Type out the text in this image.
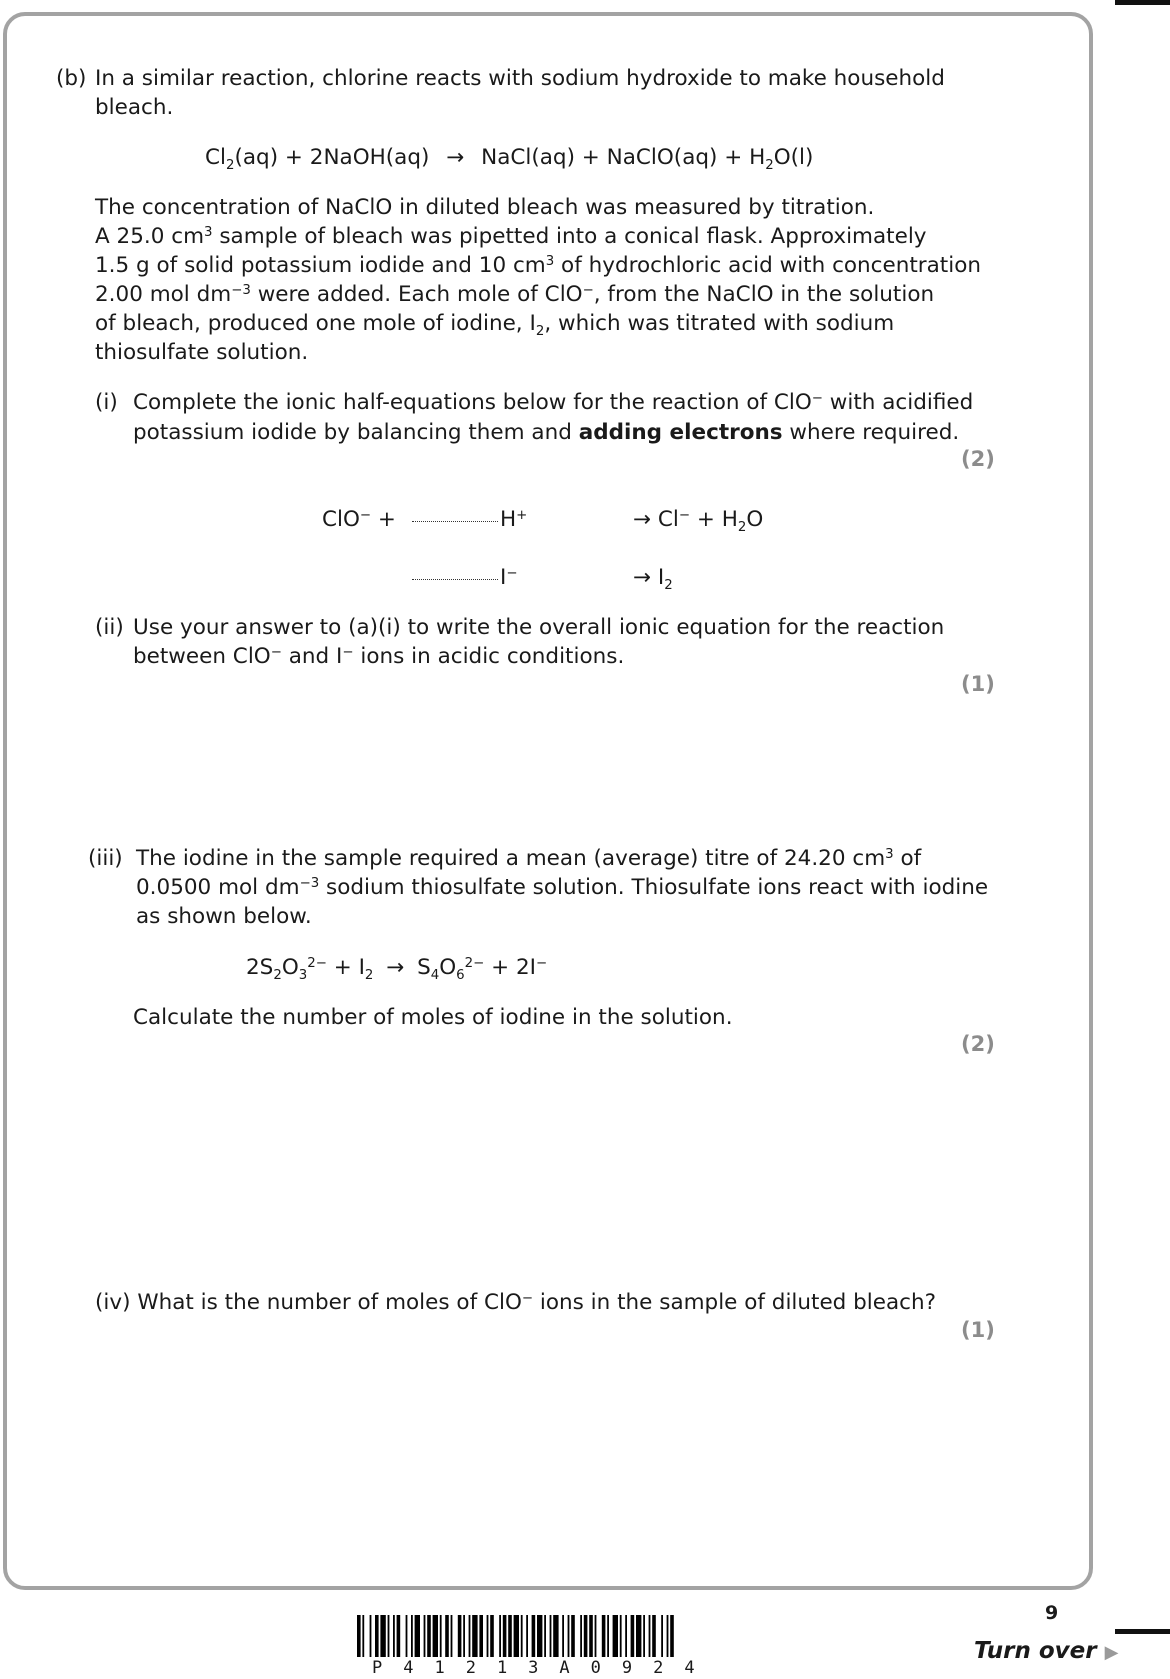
(b) In a similar reaction, chlorine reacts with sodium hydroxide to make household
bleach.
$Cl_2(aq)$ + 2NaOH(aq) → NaCl(aq) + NaClO(aq) + $H_2O(l)$
The concentration of NaClO in diluted bleach was measured by titration.
A 25.0 $cm^3$ sample of bleach was pipetted into a conical flask. Approximately
1.5 g of solid potassium iodide and 10 $cm^3$ of hydrochloric acid with concentration
2.00 mol $dm^{-3}$ were added. Each mole of ClO−, from the NaClO in the solution
of bleach, produced one mole of iodine, $I_2$, which was titrated with sodium
thiosulfate solution.
(i) Complete the ionic half-equations below for the reaction of ClO− with acidified
potassium iodide by balancing them and adding electrons where required.
(2)
ClO− +	H+	→ $Cl^- + H_2O$
I−	→ $I_2$
(ii) Use your answer to (a)(i) to write the overall ionic equation for the reaction
between ClO− and I− ions in acidic conditions.
(1)
(iii) The iodine in the sample required a mean (average) titre of 24.20 $cm^3$ of
0.0500 mol $dm^{-3}$ sodium thiosulfate solution. Thiosulfate ions react with iodine
as shown below.
$2S_2O_3^{2-} + I_2 \to S_4O_6^{2-} + 2I^-$
Calculate the number of moles of iodine in the solution.
(2)
(iv) What is the number of moles of ClO− ions in the sample of diluted bleach?
(1)
9
Turn over ▶
P41213A0924
